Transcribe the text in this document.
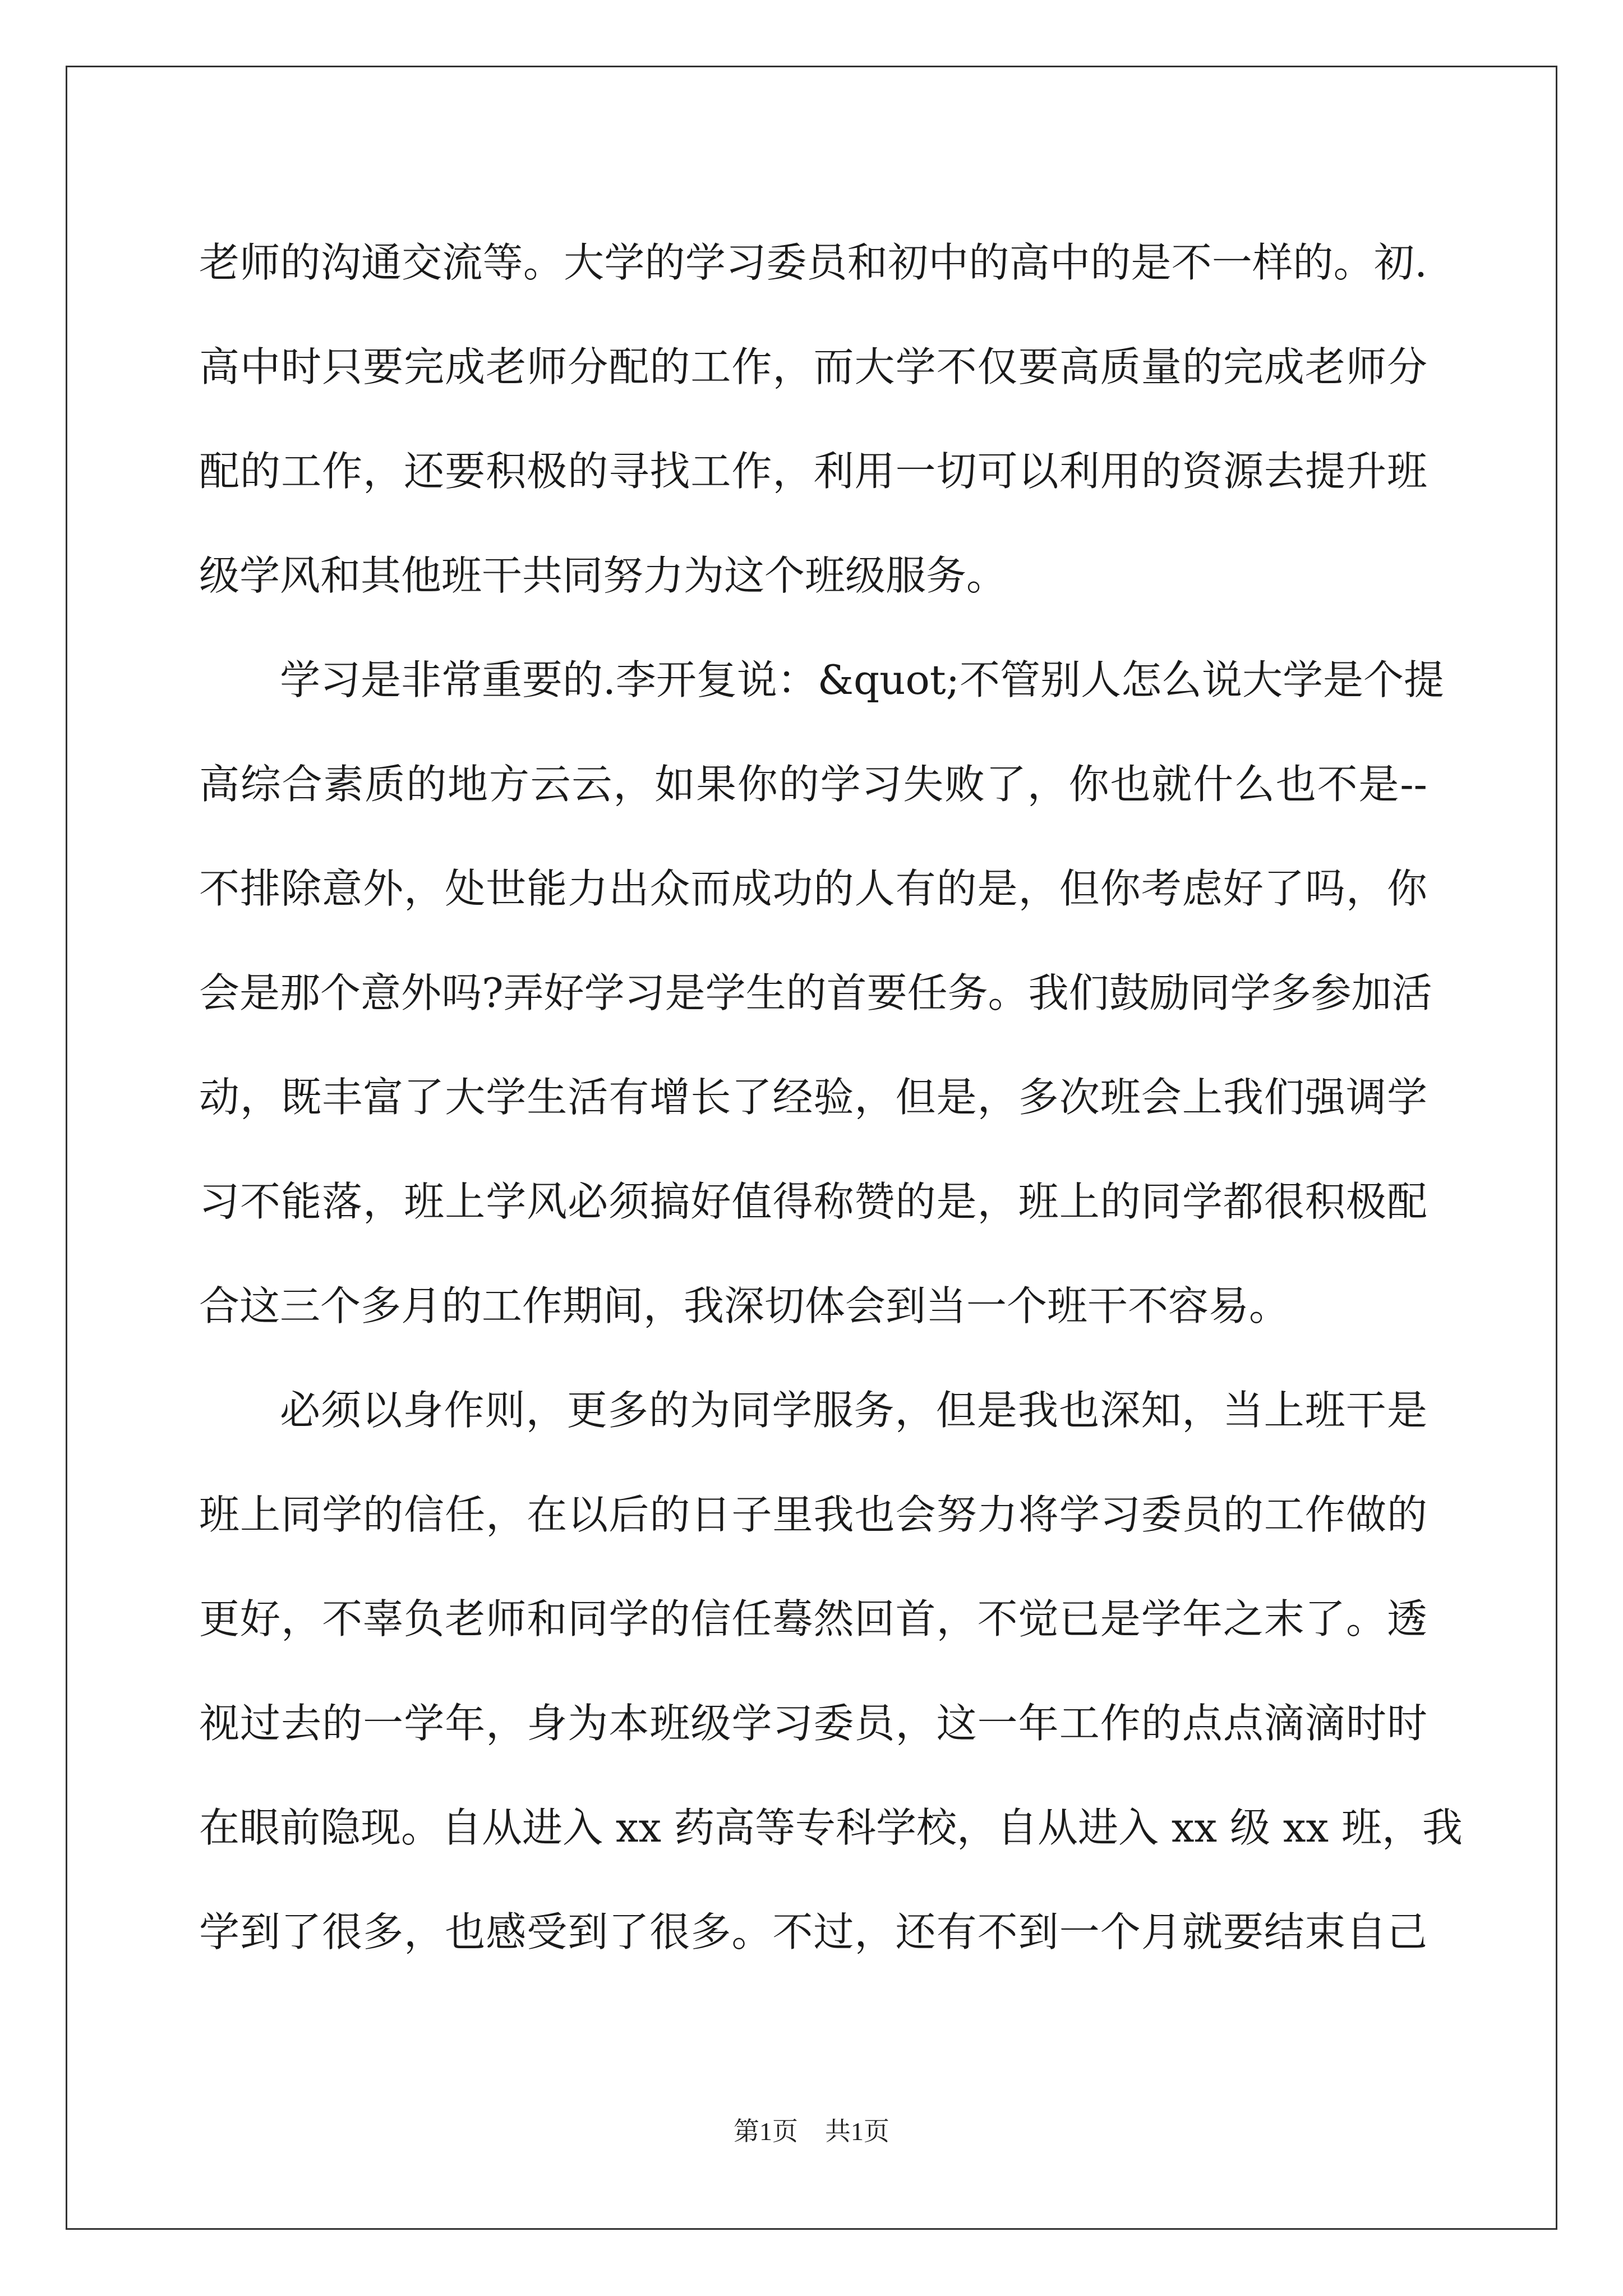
老师的沟通交流等。大学的学习委员和初中的高中的是不一样的。初.
高中时只要完成老师分配的工作，而大学不仅要高质量的完成老师分
配的工作，还要积极的寻找工作，利用一切可以利用的资源去提升班
级学风和其他班干共同努力为这个班级服务。
学习是非常重要的.李开复说：&quot;不管别人怎么说大学是个提
高综合素质的地方云云，如果你的学习失败了，你也就什么也不是--
不排除意外，处世能力出众而成功的人有的是，但你考虑好了吗，你
会是那个意外吗?弄好学习是学生的首要任务。我们鼓励同学多参加活
动，既丰富了大学生活有增长了经验，但是，多次班会上我们强调学
习不能落，班上学风必须搞好值得称赞的是，班上的同学都很积极配
合这三个多月的工作期间，我深切体会到当一个班干不容易。
必须以身作则，更多的为同学服务，但是我也深知，当上班干是
班上同学的信任，在以后的日子里我也会努力将学习委员的工作做的
更好，不辜负老师和同学的信任蓦然回首，不觉已是学年之末了。透
视过去的一学年，身为本班级学习委员，这一年工作的点点滴滴时时
在眼前隐现。自从进入 xx 药高等专科学校，自从进入 xx 级 xx 班，我
学到了很多，也感受到了很多。不过，还有不到一个月就要结束自己
第1页 共1页
